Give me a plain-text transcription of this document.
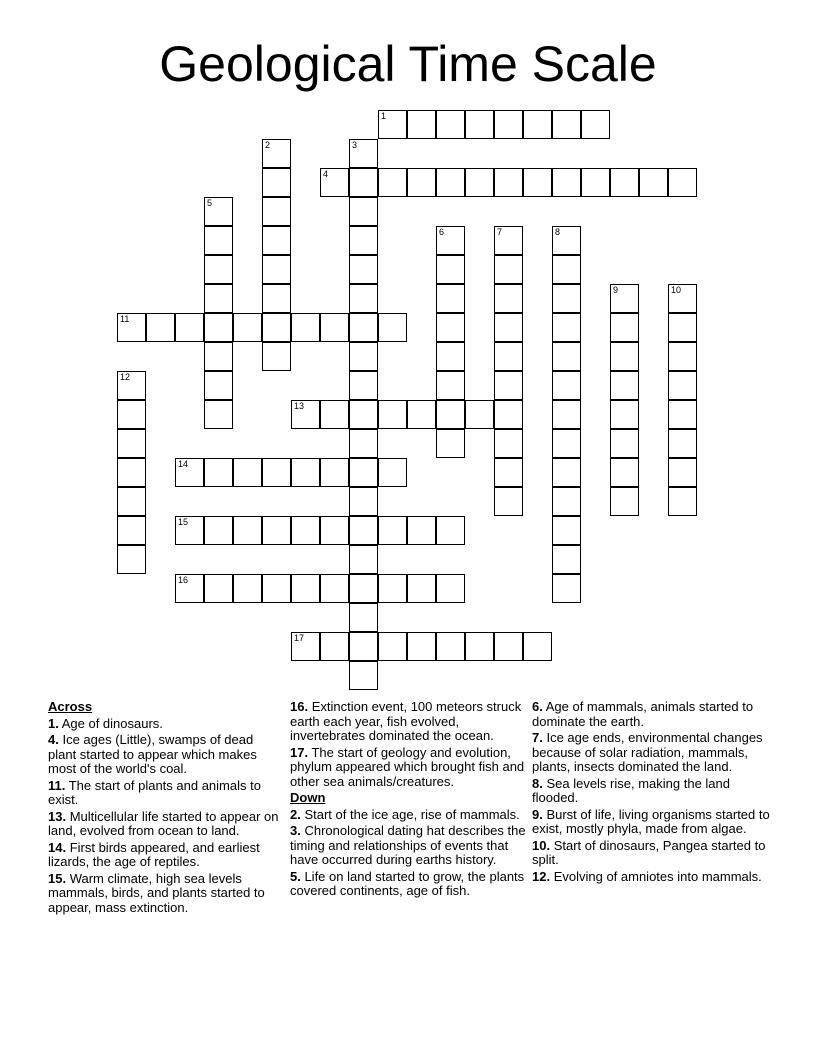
Geological Time Scale
1
2	3
4
5
6	7	8
9	10
11
12
13
14
15
16
17
Across
1. Age of dinosaurs.
4. Ice ages (Little), swamps of dead plant started to appear which makes most of the world's coal.
11. The start of plants and animals to exist.
13. Multicellular life started to appear on land, evolved from ocean to land.
14. First birds appeared, and earliest lizards, the age of reptiles.
15. Warm climate, high sea levels mammals, birds, and plants started to appear, mass extinction.
16. Extinction event, 100 meteors struck earth each year, fish evolved, invertebrates dominated the ocean.
17. The start of geology and evolution, phylum appeared which brought fish and other sea animals/creatures.
Down
2. Start of the ice age, rise of mammals.
3. Chronological dating hat describes the timing and relationships of events that have occurred during earths history.
5. Life on land started to grow, the plants covered continents, age of fish.
6. Age of mammals, animals started to dominate the earth.
7. Ice age ends, environmental changes because of solar radiation, mammals, plants, insects dominated the land.
8. Sea levels rise, making the land flooded.
9. Burst of life, living organisms started to exist, mostly phyla, made from algae.
10. Start of dinosaurs, Pangea started to split.
12. Evolving of amniotes into mammals.
